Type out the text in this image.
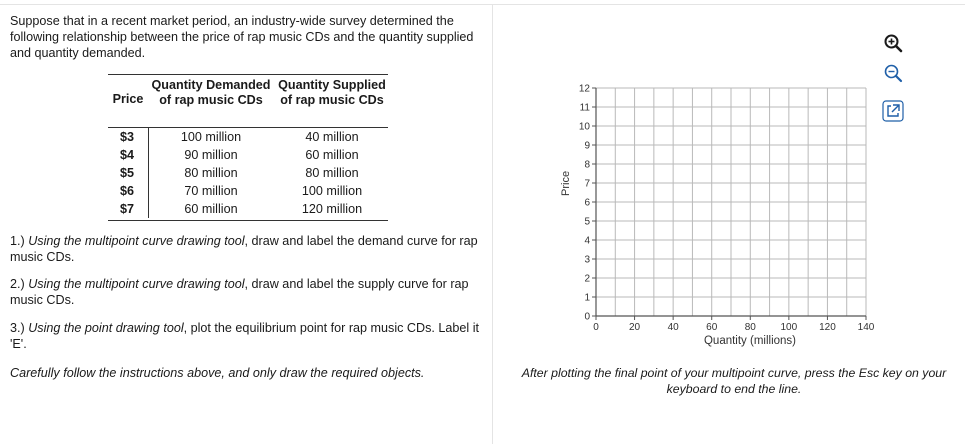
Suppose that in a recent market period, an industry-wide survey determined the following relationship between the price of rap music CDs and the quantity supplied and quantity demanded.
Price
Quantity Demanded of rap music CDs
Quantity Supplied of rap music CDs
$3	100 million	40 million
$4	90 million	60 million
$5	80 million	80 million
$6	70 million	100 million
$7	60 million	120 million
1.) Using the multipoint curve drawing tool, draw and label the demand curve for rap music CDs.
2.) Using the multipoint curve drawing tool, draw and label the supply curve for rap music CDs.
3.) Using the point drawing tool, plot the equilibrium point for rap music CDs. Label it 'E'.
Carefully follow the instructions above, and only draw the required objects.
0
1
2
3
4
5
6
7
8
9
10
11
12
0	20	40	60	80 100 120 140
Price
Quantity (millions)
After plotting the final point of your multipoint curve, press the Esc key on your keyboard to end the line.
